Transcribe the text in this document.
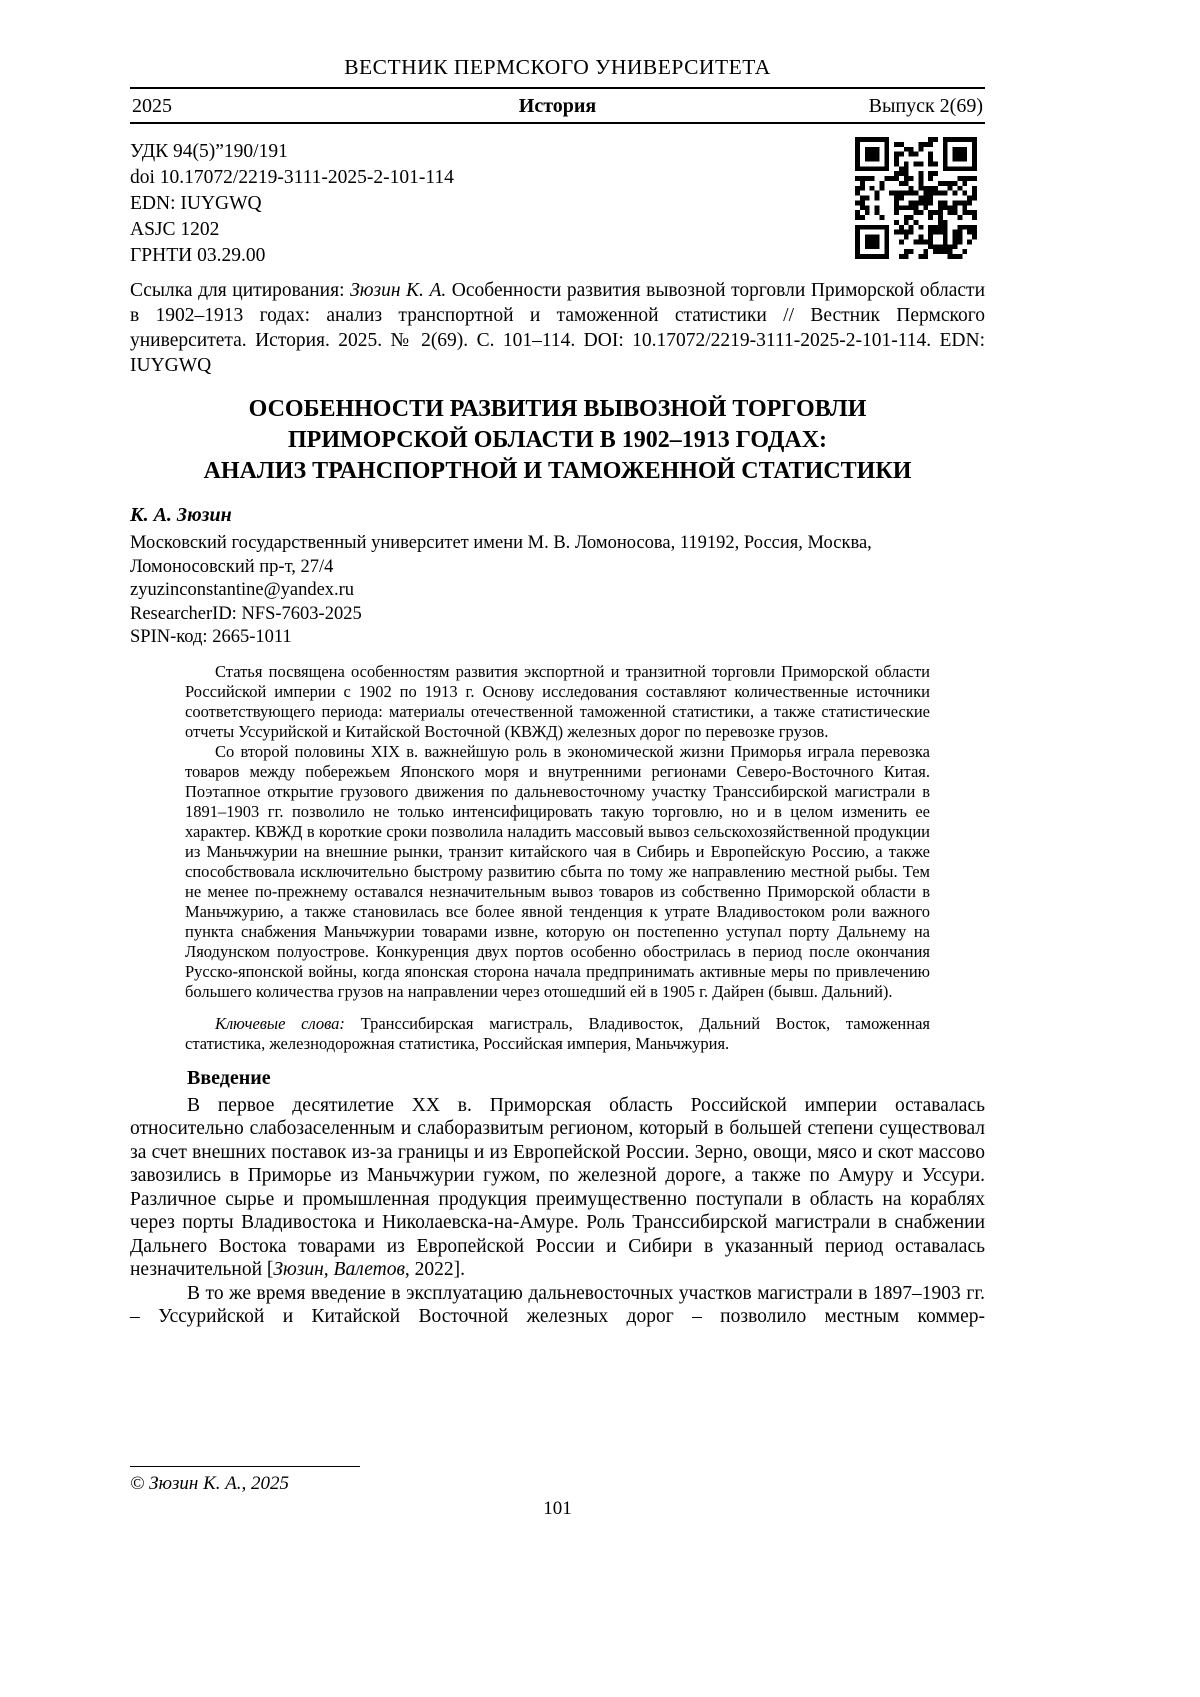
ВЕСТНИК ПЕРМСКОГО УНИВЕРСИТЕТА
2025	История	Выпуск 2(69)
УДК 94(5)”190/191
doi 10.17072/2219-3111-2025-2-101-114
EDN: IUYGWQ
ASJC 1202
ГРНТИ 03.29.00

Ссылка для цитирования: Зюзин К. А. Особенности развития вывозной торговли Приморской области в 1902–1913 годах: анализ транспортной и таможенной статистики // Вестник Пермского университета. История. 2025. № 2(69). С. 101–114. DOI: 10.17072/2219-3111-2025-2-101-114. EDN: IUYGWQ

ОСОБЕННОСТИ РАЗВИТИЯ ВЫВОЗНОЙ ТОРГОВЛИ
ПРИМОРСКОЙ ОБЛАСТИ В 1902–1913 ГОДАХ:
АНАЛИЗ ТРАНСПОРТНОЙ И ТАМОЖЕННОЙ СТАТИСТИКИ
К. А. Зюзин
Московский государственный университет имени М. В. Ломоносова, 119192, Россия, Москва,
Ломоносовский пр-т, 27/4
zyuzinconstantine@yandex.ru
ResearcherID: NFS-7603-2025
SPIN-код: 2665-1011

Статья посвящена особенностям развития экспортной и транзитной торговли Приморской области Российской империи с 1902 по 1913 г. Основу исследования составляют количественные источники соответствующего периода: материалы отечественной таможенной статистики, а также статистические отчеты Уссурийской и Китайской Восточной (КВЖД) железных дорог по перевозке грузов.

Со второй половины XIX в. важнейшую роль в экономической жизни Приморья играла перевозка товаров между побережьем Японского моря и внутренними регионами Северо-Восточного Китая. Поэтапное открытие грузового движения по дальневосточному участку Транссибирской магистрали в 1891–1903 гг. позволило не только интенсифицировать такую торговлю, но и в целом изменить ее характер. КВЖД в короткие сроки позволила наладить массовый вывоз сельскохозяйственной продукции из Маньчжурии на внешние рынки, транзит китайского чая в Сибирь и Европейскую Россию, а также способствовала исключительно быстрому развитию сбыта по тому же направлению местной рыбы. Тем не менее по-прежнему оставался незначительным вывоз товаров из собственно Приморской области в Маньчжурию, а также становилась все более явной тенденция к утрате Владивостоком роли важного пункта снабжения Маньчжурии товарами извне, которую он постепенно уступал порту Дальнему на Ляодунском полуострове. Конкуренция двух портов особенно обострилась в период после окончания Русско-японской войны, когда японская сторона начала предпринимать активные меры по привлечению большего количества грузов на направлении через отошедший ей в 1905 г. Дайрен (бывш. Дальний).

Ключевые слова: Транссибирская магистраль, Владивосток, Дальний Восток, таможенная статистика, железнодорожная статистика, Российская империя, Маньчжурия.

Введение

В первое десятилетие XX в. Приморская область Российской империи оставалась относительно слабозаселенным и слаборазвитым регионом, который в большей степени существовал за счет внешних поставок из-за границы и из Европейской России. Зерно, овощи, мясо и скот массово завозились в Приморье из Маньчжурии гужом, по железной дороге, а также по Амуру и Уссури. Различное сырье и промышленная продукция преимущественно поступали в область на кораблях через порты Владивостока и Николаевска-на-Амуре. Роль Транссибирской магистрали в снабжении Дальнего Востока товарами из Европейской России и Сибири в указанный период оставалась незначительной [Зюзин, Валетов, 2022].

В то же время введение в эксплуатацию дальневосточных участков магистрали в 1897–1903 гг. – Уссурийской и Китайской Восточной железных дорог – позволило местным коммер-

© Зюзин К. А., 2025
101
